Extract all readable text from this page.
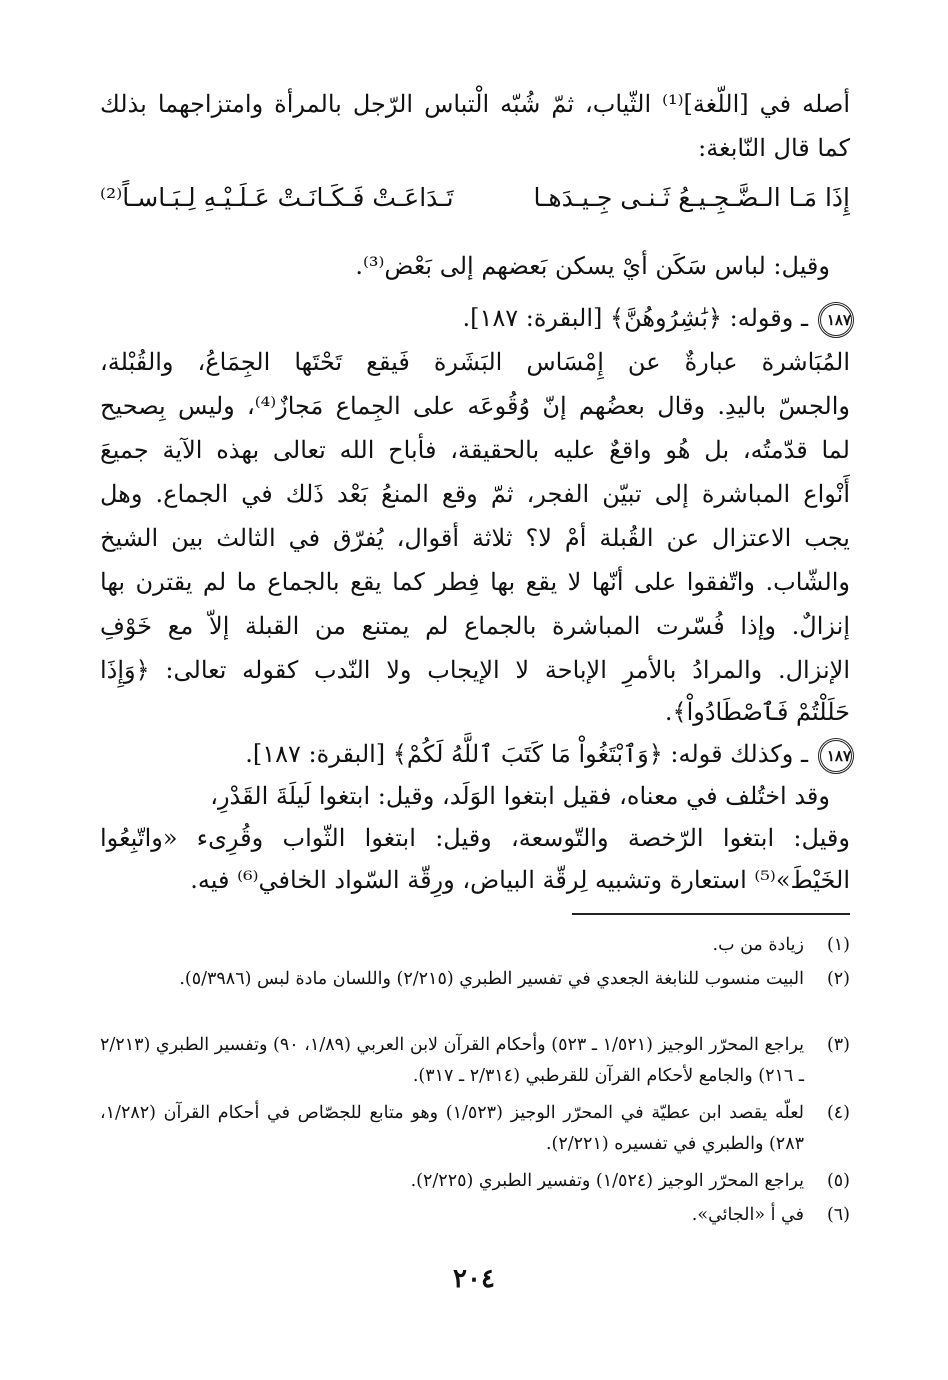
أصله في [اللّغة]⁽¹⁾ الثّياب، ثمّ شُبّه الْتباس الرّجل بالمرأة وامتزاجهما بذلك
كما قال النّابغة:
إِذَا مَـا الـضَّـجِـيـعُ ثَـنـى جِـيـدَهـا
تَـدَاعَـتْ فَـكَـانَـتْ عَـلَـيْـهِ لِـبَـاسـاً⁽²⁾
وقيل: لباس سَكَن أيْ يسكن بَعضهم إلى بَعْض⁽³⁾.
١٨٧ـ وقوله: ﴿بَٰشِرُوهُنَّ﴾ [البقرة: ١٨٧].
المُبَاشرة عبارةٌ عن إِمْسَاس البَشَرة فَيقع تَحْتَها الجِمَاعُ، والقُبْلة،
والجسّ باليدِ. وقال بعضُهم إنّ وُقُوعَه على الجِماع مَجازٌ⁽⁴⁾، وليس بِصحيح
لما قدّمتُه، بل هُو واقعٌ عليه بالحقيقة، فأباح الله تعالى بهذه الآية جميعَ
أَنْواع المباشرة إلى تبيّن الفجر، ثمّ وقع المنعُ بَعْد ذَلك في الجماع. وهل
يجب الاعتزال عن القُبلة أمْ لا؟ ثلاثة أقوال، يُفرّق في الثالث بين الشيخ
والشّاب. واتّفقوا على أنّها لا يقع بها فِطر كما يقع بالجماع ما لم يقترن بها
إنزالٌ. وإذا فُسّرت المباشرة بالجماع لم يمتنع من القبلة إلاّ مع خَوْفِ
الإنزال. والمرادُ بالأمرِ الإباحة لا الإيجاب ولا النّدب كقوله تعالى: ﴿وَإِذَا
حَلَلْتُمْ فَٱصْطَادُواْ﴾.
١٨٧ـ وكذلك قوله: ﴿وَٱبْتَغُواْ مَا كَتَبَ ٱللَّهُ لَكُمْ﴾ [البقرة: ١٨٧].
وقد اختُلف في معناه، فقيل ابتغوا الوَلَد، وقيل: ابتغوا لَيلَةَ القَدْرِ،
وقيل: ابتغوا الرّخصة والتّوسعة، وقيل: ابتغوا الثّواب وقُرِىء «واتّبِعُوا
الخَيْطَ»⁽⁵⁾ استعارة وتشبيه لِرقّة البياض، ورِقّة السّواد الخافي⁽⁶⁾ فيه.
(١)
زيادة من ب.
(٢)
البيت منسوب للنابغة الجعدي في تفسير الطبري (٢/٢١٥) واللسان مادة لبس (٥/٣٩٨٦).
(٣)
يراجع المحرّر الوجيز (١/٥٢١ ـ ٥٢٣) وأحكام القرآن لابن العربي (١/٨٩، ٩٠) وتفسير الطبري (٢/٢١٣ ـ ٢١٦) والجامع لأحكام القرآن للقرطبي (٢/٣١٤ ـ ٣١٧).
(٤)
لعلّه يقصد ابن عطيّة في المحرّر الوجيز (١/٥٢٣) وهو متابع للجصّاص في أحكام القرآن (١/٢٨٢، ٢٨٣) والطبري في تفسيره (٢/٢٢١).
(٥)
يراجع المحرّر الوجيز (١/٥٢٤) وتفسير الطبري (٢/٢٢٥).
(٦)
في أ «الجائي».
٢٠٤
